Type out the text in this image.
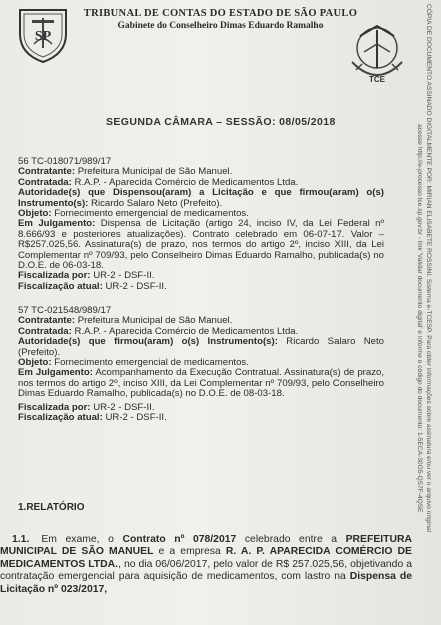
SP
TRIBUNAL DE CONTAS DO ESTADO DE SÃO PAULO
Gabinete do Conselheiro Dimas Eduardo Ramalho
TCE
SEGUNDA CÂMARA – SESSÃO: 08/05/2018

56 TC-018071/989/17

Contratante: Prefeitura Municipal de São Manuel.

Contratada: R.A.P. - Aparecida Comércio de Medicamentos Ltda.

Autoridade(s) que Dispensou(aram) a Licitação e que firmou(aram) o(s) Instrumento(s): Ricardo Salaro Neto (Prefeito).

Objeto: Fornecimento emergencial de medicamentos.

Em Julgamento: Dispensa de Licitação (artigo 24, inciso IV, da Lei Federal nº 8.666/93 e posteriores atualizações). Contrato celebrado em 06-07-17. Valor – R$257.025,56. Assinatura(s) de prazo, nos termos do artigo 2º, inciso XIII, da Lei Complementar nº 709/93, pelo Conselheiro Dimas Eduardo Ramalho, publicada(s) no D.O.E. de 06-03-18.

Fiscalizada por: UR-2 - DSF-II.

Fiscalização atual: UR-2 - DSF-II.

57 TC-021548/989/17

Contratante: Prefeitura Municipal de São Manuel.

Contratada: R.A.P. - Aparecida Comércio de Medicamentos Ltda.

Autoridade(s) que firmou(aram) o(s) Instrumento(s): Ricardo Salaro Neto (Prefeito).

Objeto: Fornecimento emergencial de medicamentos.

Em Julgamento: Acompanhamento da Execução Contratual. Assinatura(s) de prazo, nos termos do artigo 2º, inciso XIII, da Lei Complementar nº 709/93, pelo Conselheiro Dimas Eduardo Ramalho, publicada(s) no D.O.E. de 08-03-18.

Fiscalizada por: UR-2 - DSF-II.

Fiscalização atual: UR-2 - DSF-II.

1.RELATÓRIO

1.1. Em exame, o Contrato nº 078/2017 celebrado entre a PREFEITURA MUNICIPAL DE SÃO MANUEL e a empresa R. A. P. APARECIDA COMÉRCIO DE MEDICAMENTOS LTDA., no dia 06/06/2017, pelo valor de R$ 257.025,56, objetivando a contratação emergencial para aquisição de medicamentos, com lastro na Dispensa de Licitação nº 023/2017,

CÓPIA DE DOCUMENTO ASSINADO DIGITALMENTE POR: MIRIAN ELISABETE ROSSINI. Sistema e-TCESP. Para obter informações sobre assinatura e/ou ver o arquivo original
acesse http://e-processo.tce.sp.gov.br - link 'Validar documento digital' e informe o código do documento: 1-5ECA-30G5-QS7F-4QSE
